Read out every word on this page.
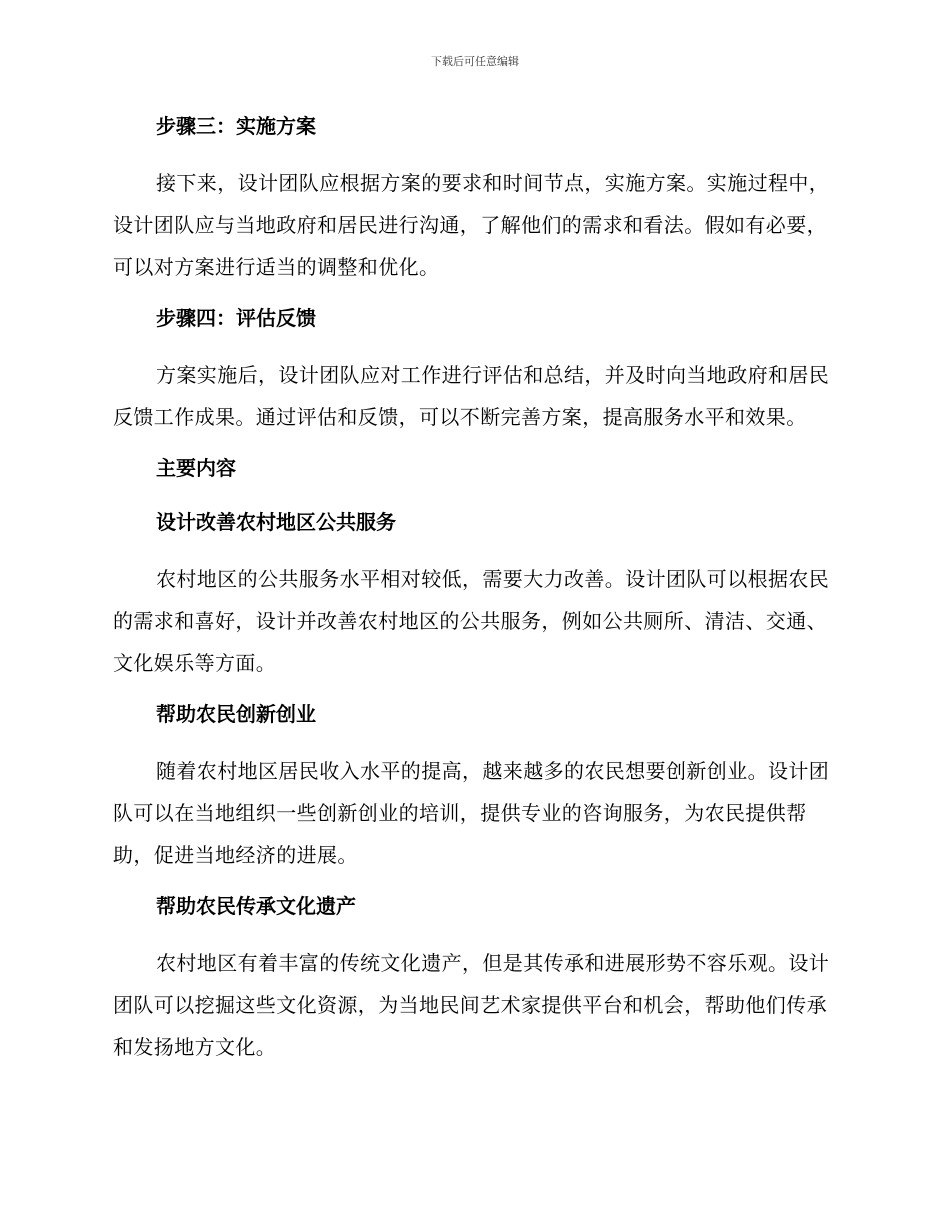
下载后可任意编辑
步骤三：实施方案
接下来，设计团队应根据方案的要求和时间节点，实施方案。实施过程中，设计团队应与当地政府和居民进行沟通，了解他们的需求和看法。假如有必要，可以对方案进行适当的调整和优化。
步骤四：评估反馈
方案实施后，设计团队应对工作进行评估和总结，并及时向当地政府和居民反馈工作成果。通过评估和反馈，可以不断完善方案，提高服务水平和效果。
主要内容
设计改善农村地区公共服务
农村地区的公共服务水平相对较低，需要大力改善。设计团队可以根据农民的需求和喜好，设计并改善农村地区的公共服务，例如公共厕所、清洁、交通、文化娱乐等方面。
帮助农民创新创业
随着农村地区居民收入水平的提高，越来越多的农民想要创新创业。设计团队可以在当地组织一些创新创业的培训，提供专业的咨询服务，为农民提供帮助，促进当地经济的进展。
帮助农民传承文化遗产
农村地区有着丰富的传统文化遗产，但是其传承和进展形势不容乐观。设计团队可以挖掘这些文化资源，为当地民间艺术家提供平台和机会，帮助他们传承和发扬地方文化。
